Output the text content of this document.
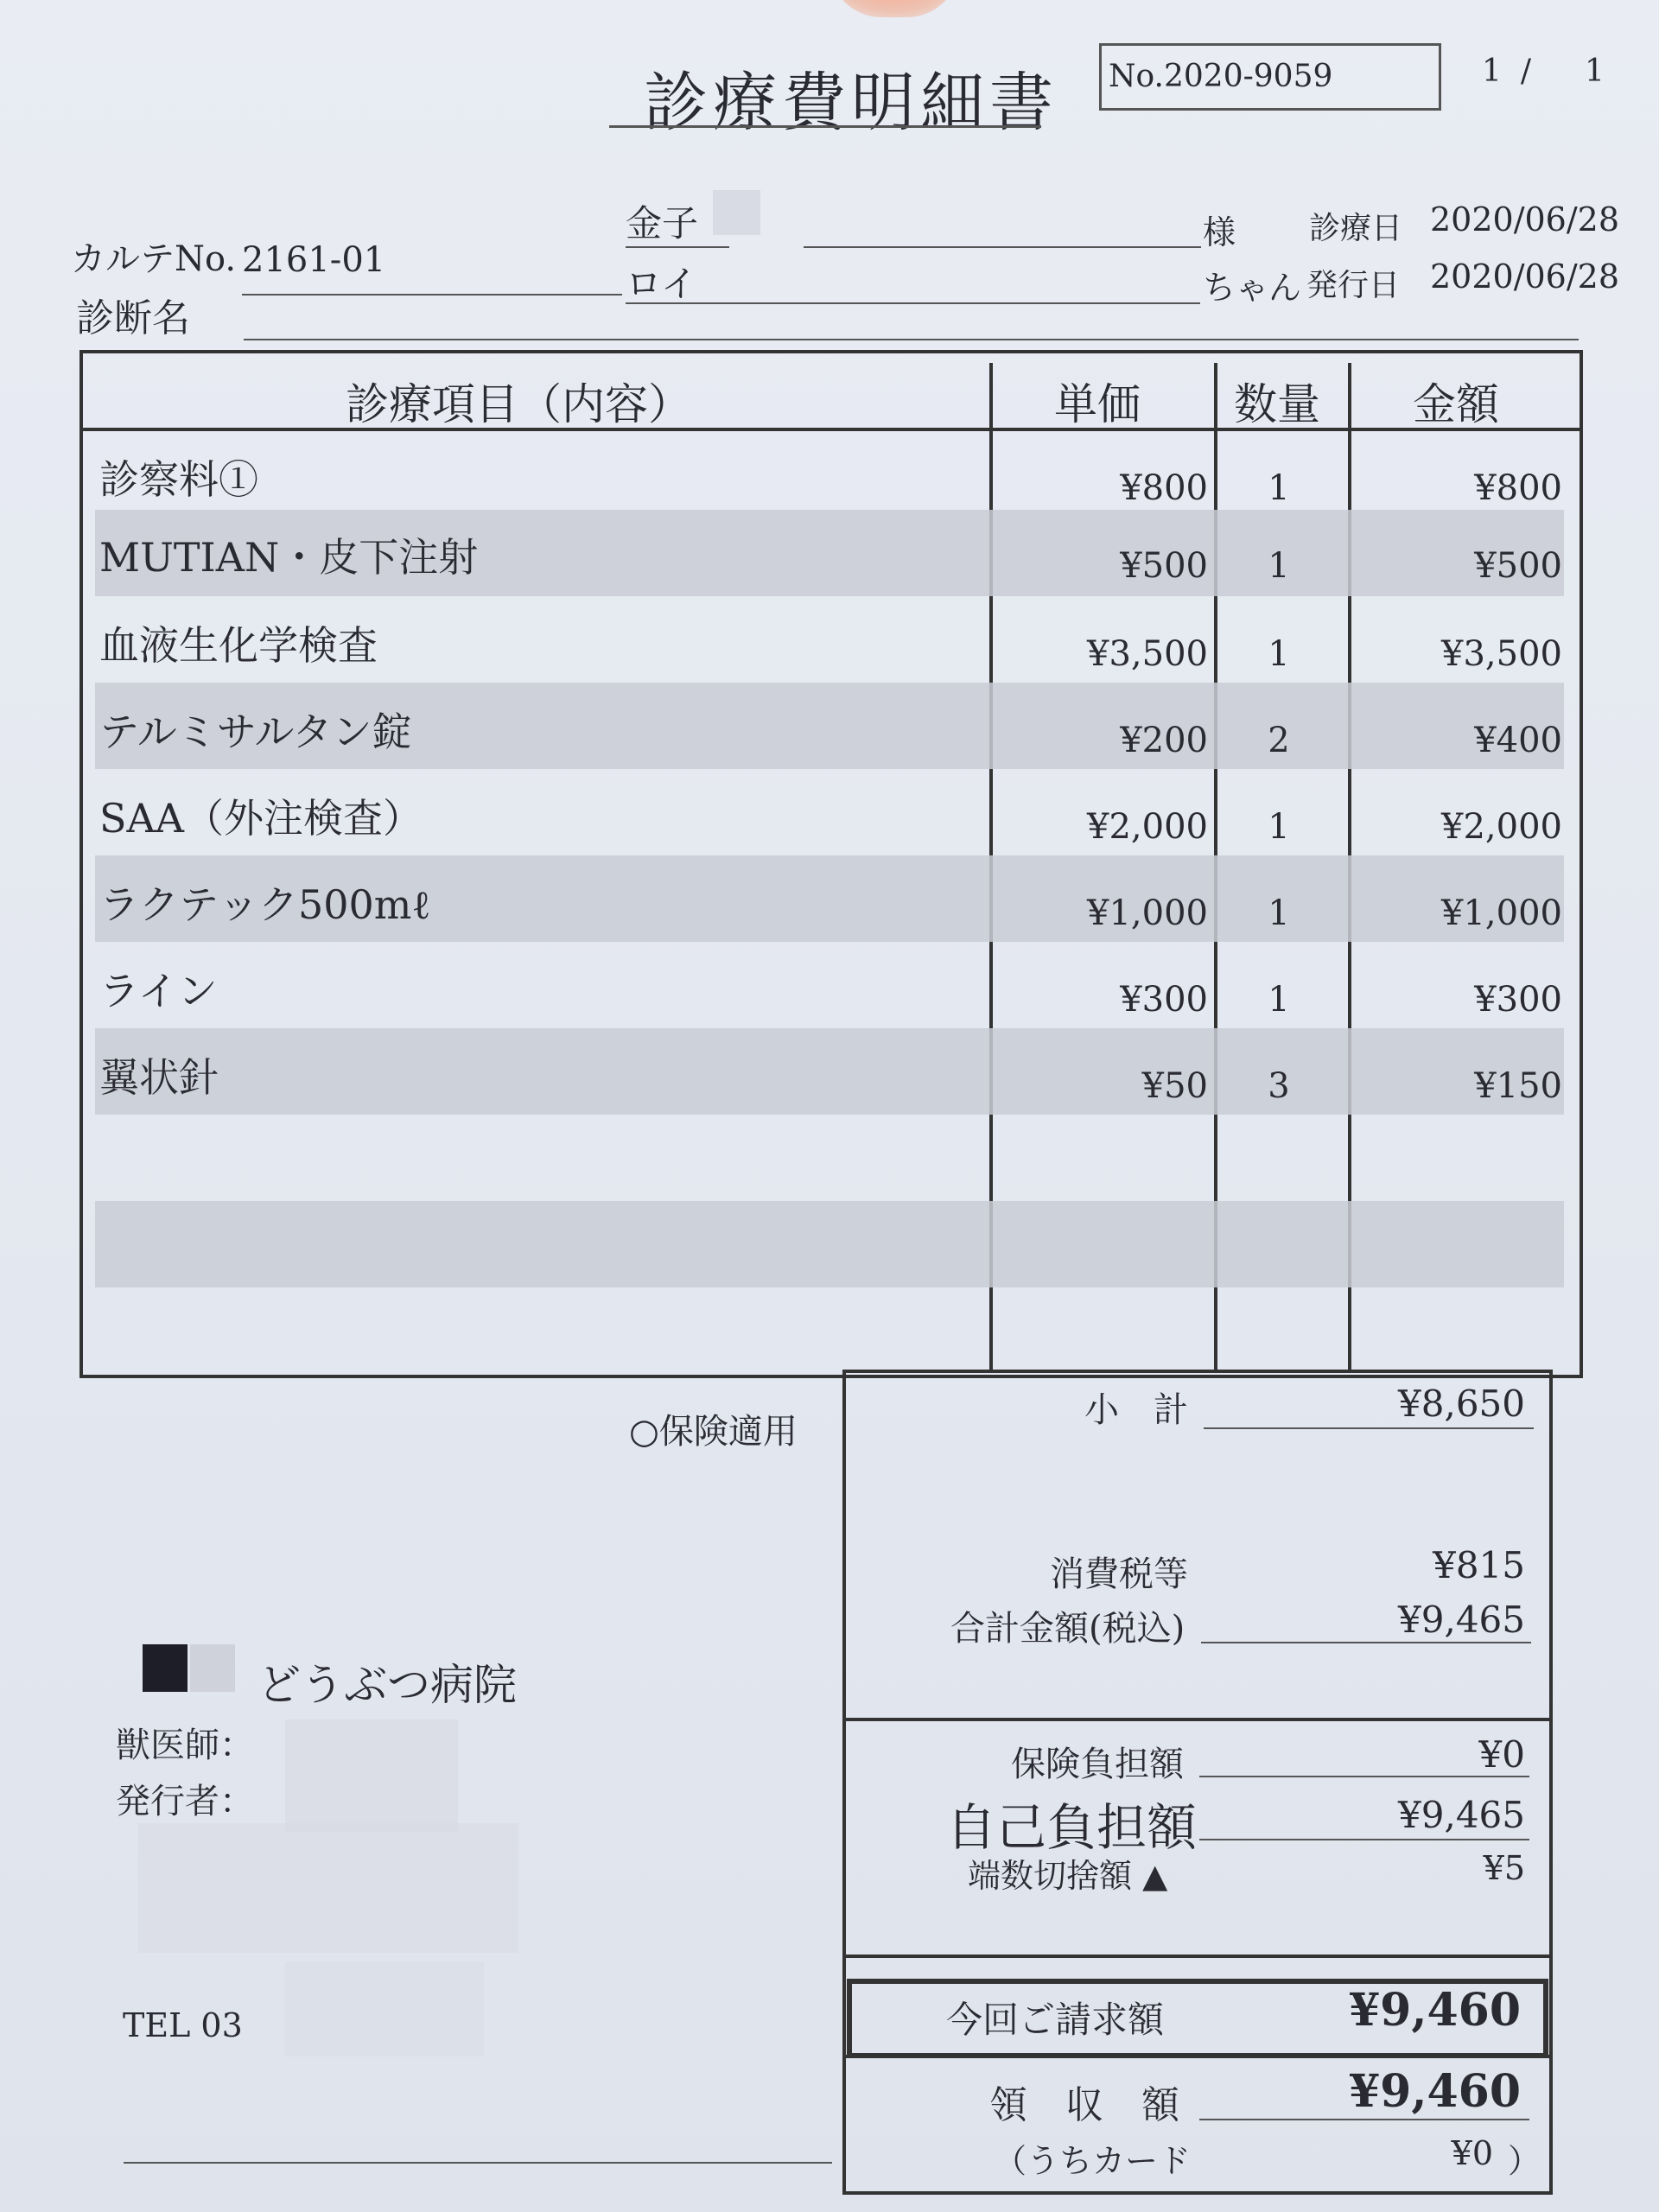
診療費明細書	No.2020-9059	1 / 1
カルテNo. 2161-01
診断名
金子	様
ロイ	ちゃん
診療日 2020/06/28
発行日 2020/06/28
診療項目（内容）	単価 数量 金額
診察料①	¥800	1	¥800
MUTIAN・皮下注射	¥500	1	¥500
血液生化学検査	¥3,500	1	¥3,500
テルミサルタン錠	¥200	2	¥400
SAA（外注検査）	¥2,000	1	¥2,000
ラクテック500mℓ	¥1,000	1	¥1,000
ライン	¥300	1	¥300
翼状針	¥50	3	¥150
○保険適用
小　計	¥8,650
消費税等	¥815
合計金額(税込)	¥9,465
保険負担額	¥0
自己負担額	¥9,465
端数切捨額 ▲	¥5
今回ご請求額	¥9,460
領　収　額	¥9,460
（うちカード	¥0 ）
どうぶつ病院
獣医師：
発行者：
TEL 03
